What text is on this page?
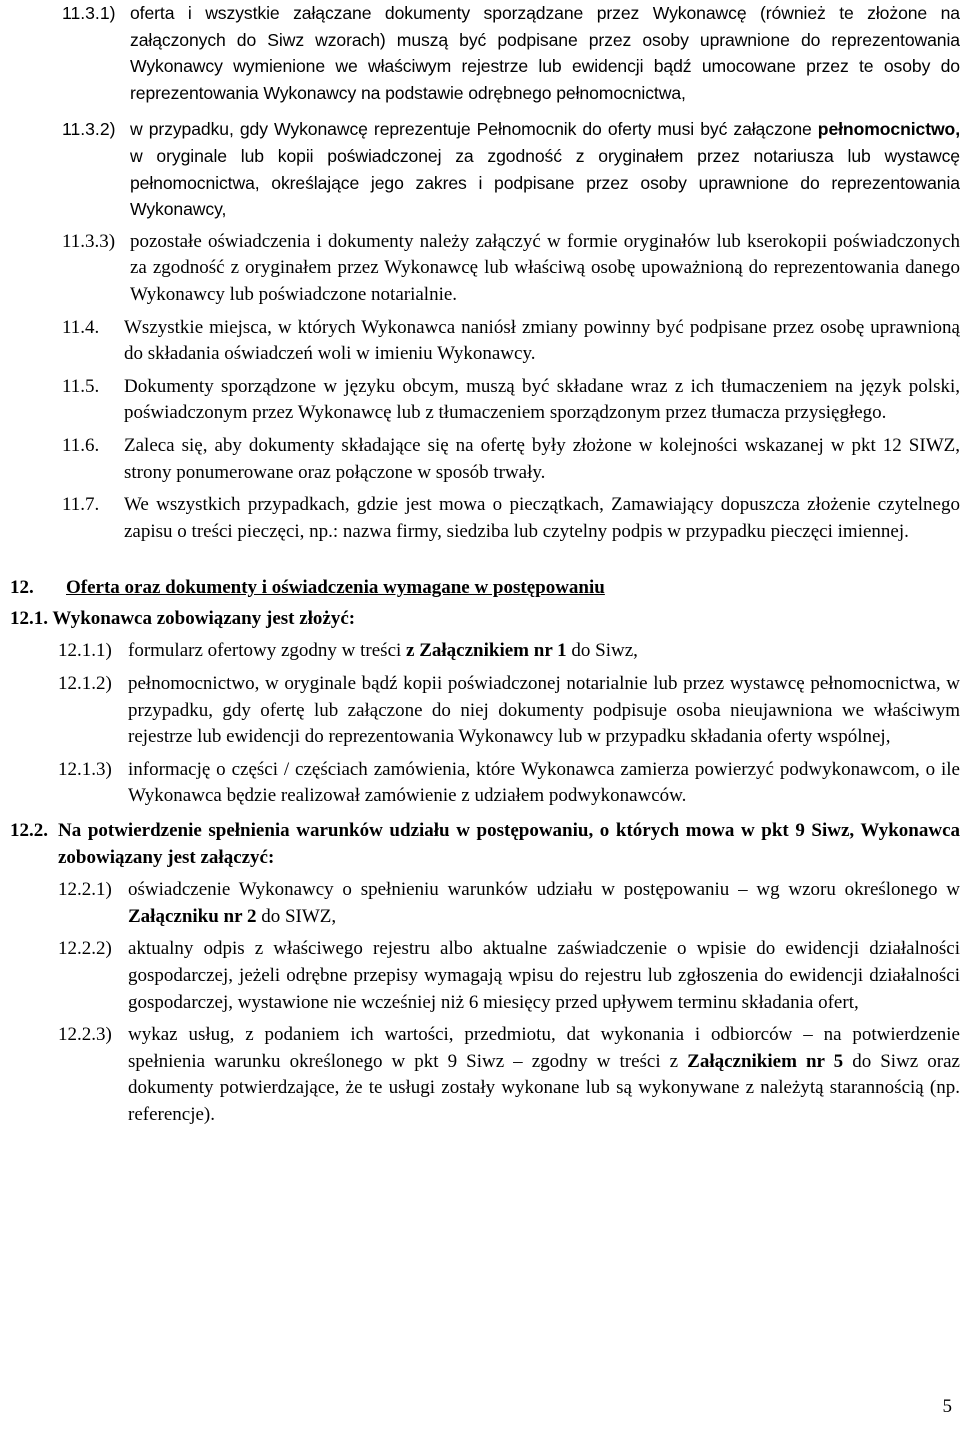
11.3.1) oferta i wszystkie załączane dokumenty sporządzane przez Wykonawcę (również te złożone na załączonych do Siwz wzorach) muszą być podpisane przez osoby uprawnione do reprezentowania Wykonawcy wymienione we właściwym rejestrze lub ewidencji bądź umocowane przez te osoby do reprezentowania Wykonawcy na podstawie odrębnego pełnomocnictwa,
11.3.2) w przypadku, gdy Wykonawcę reprezentuje Pełnomocnik do oferty musi być załączone pełnomocnictwo, w oryginale lub kopii poświadczonej za zgodność z oryginałem przez notariusza lub wystawcę pełnomocnictwa, określające jego zakres i podpisane przez osoby uprawnione do reprezentowania Wykonawcy,
11.3.3) pozostałe oświadczenia i dokumenty należy załączyć w formie oryginałów lub kserokopii poświadczonych za zgodność z oryginałem przez Wykonawcę lub właściwą osobę upoważnioną do reprezentowania danego Wykonawcy lub poświadczone notarialnie.
11.4.	Wszystkie miejsca, w których Wykonawca naniósł zmiany powinny być podpisane przez osobę uprawnioną do składania oświadczeń woli w imieniu Wykonawcy.
11.5.	Dokumenty sporządzone w języku obcym, muszą być składane wraz z ich tłumaczeniem na język polski, poświadczonym przez Wykonawcę lub z tłumaczeniem sporządzonym przez tłumacza przysięgłego.
11.6.	Zaleca się, aby dokumenty składające się na ofertę były złożone w kolejności wskazanej w pkt 12 SIWZ, strony ponumerowane oraz połączone w sposób trwały.
11.7.	We wszystkich przypadkach, gdzie jest mowa o pieczątkach, Zamawiający dopuszcza złożenie czytelnego zapisu o treści pieczęci, np.: nazwa firmy, siedziba lub czytelny podpis w przypadku pieczęci imiennej.
12. Oferta oraz dokumenty i oświadczenia wymagane w postępowaniu
12.1. Wykonawca zobowiązany jest złożyć:
12.1.1) formularz ofertowy zgodny w treści z Załącznikiem nr 1 do Siwz,
12.1.2) pełnomocnictwo, w oryginale bądź kopii poświadczonej notarialnie lub przez wystawcę pełnomocnictwa, w przypadku, gdy ofertę lub załączone do niej dokumenty podpisuje osoba nieujawniona we właściwym rejestrze lub ewidencji do reprezentowania Wykonawcy lub w przypadku składania oferty wspólnej,
12.1.3) informację o części / częściach zamówienia, które Wykonawca zamierza powierzyć podwykonawcom, o ile Wykonawca będzie realizował zamówienie z udziałem podwykonawców.
12.2. Na potwierdzenie spełnienia warunków udziału w postępowaniu, o których mowa w pkt 9 Siwz, Wykonawca zobowiązany jest załączyć:
12.2.1) oświadczenie Wykonawcy o spełnieniu warunków udziału w postępowaniu – wg wzoru określonego w Załączniku nr 2 do SIWZ,
12.2.2) aktualny odpis z właściwego rejestru albo aktualne zaświadczenie o wpisie do ewidencji działalności gospodarczej, jeżeli odrębne przepisy wymagają wpisu do rejestru lub zgłoszenia do ewidencji działalności gospodarczej, wystawione nie wcześniej niż 6 miesięcy przed upływem terminu składania ofert,
12.2.3) wykaz usług, z podaniem ich wartości, przedmiotu, dat wykonania i odbiorców – na potwierdzenie spełnienia warunku określonego w pkt 9 Siwz – zgodny w treści z Załącznikiem nr 5 do Siwz oraz dokumenty potwierdzające, że te usługi zostały wykonane lub są wykonywane z należytą starannością (np. referencje).
5
